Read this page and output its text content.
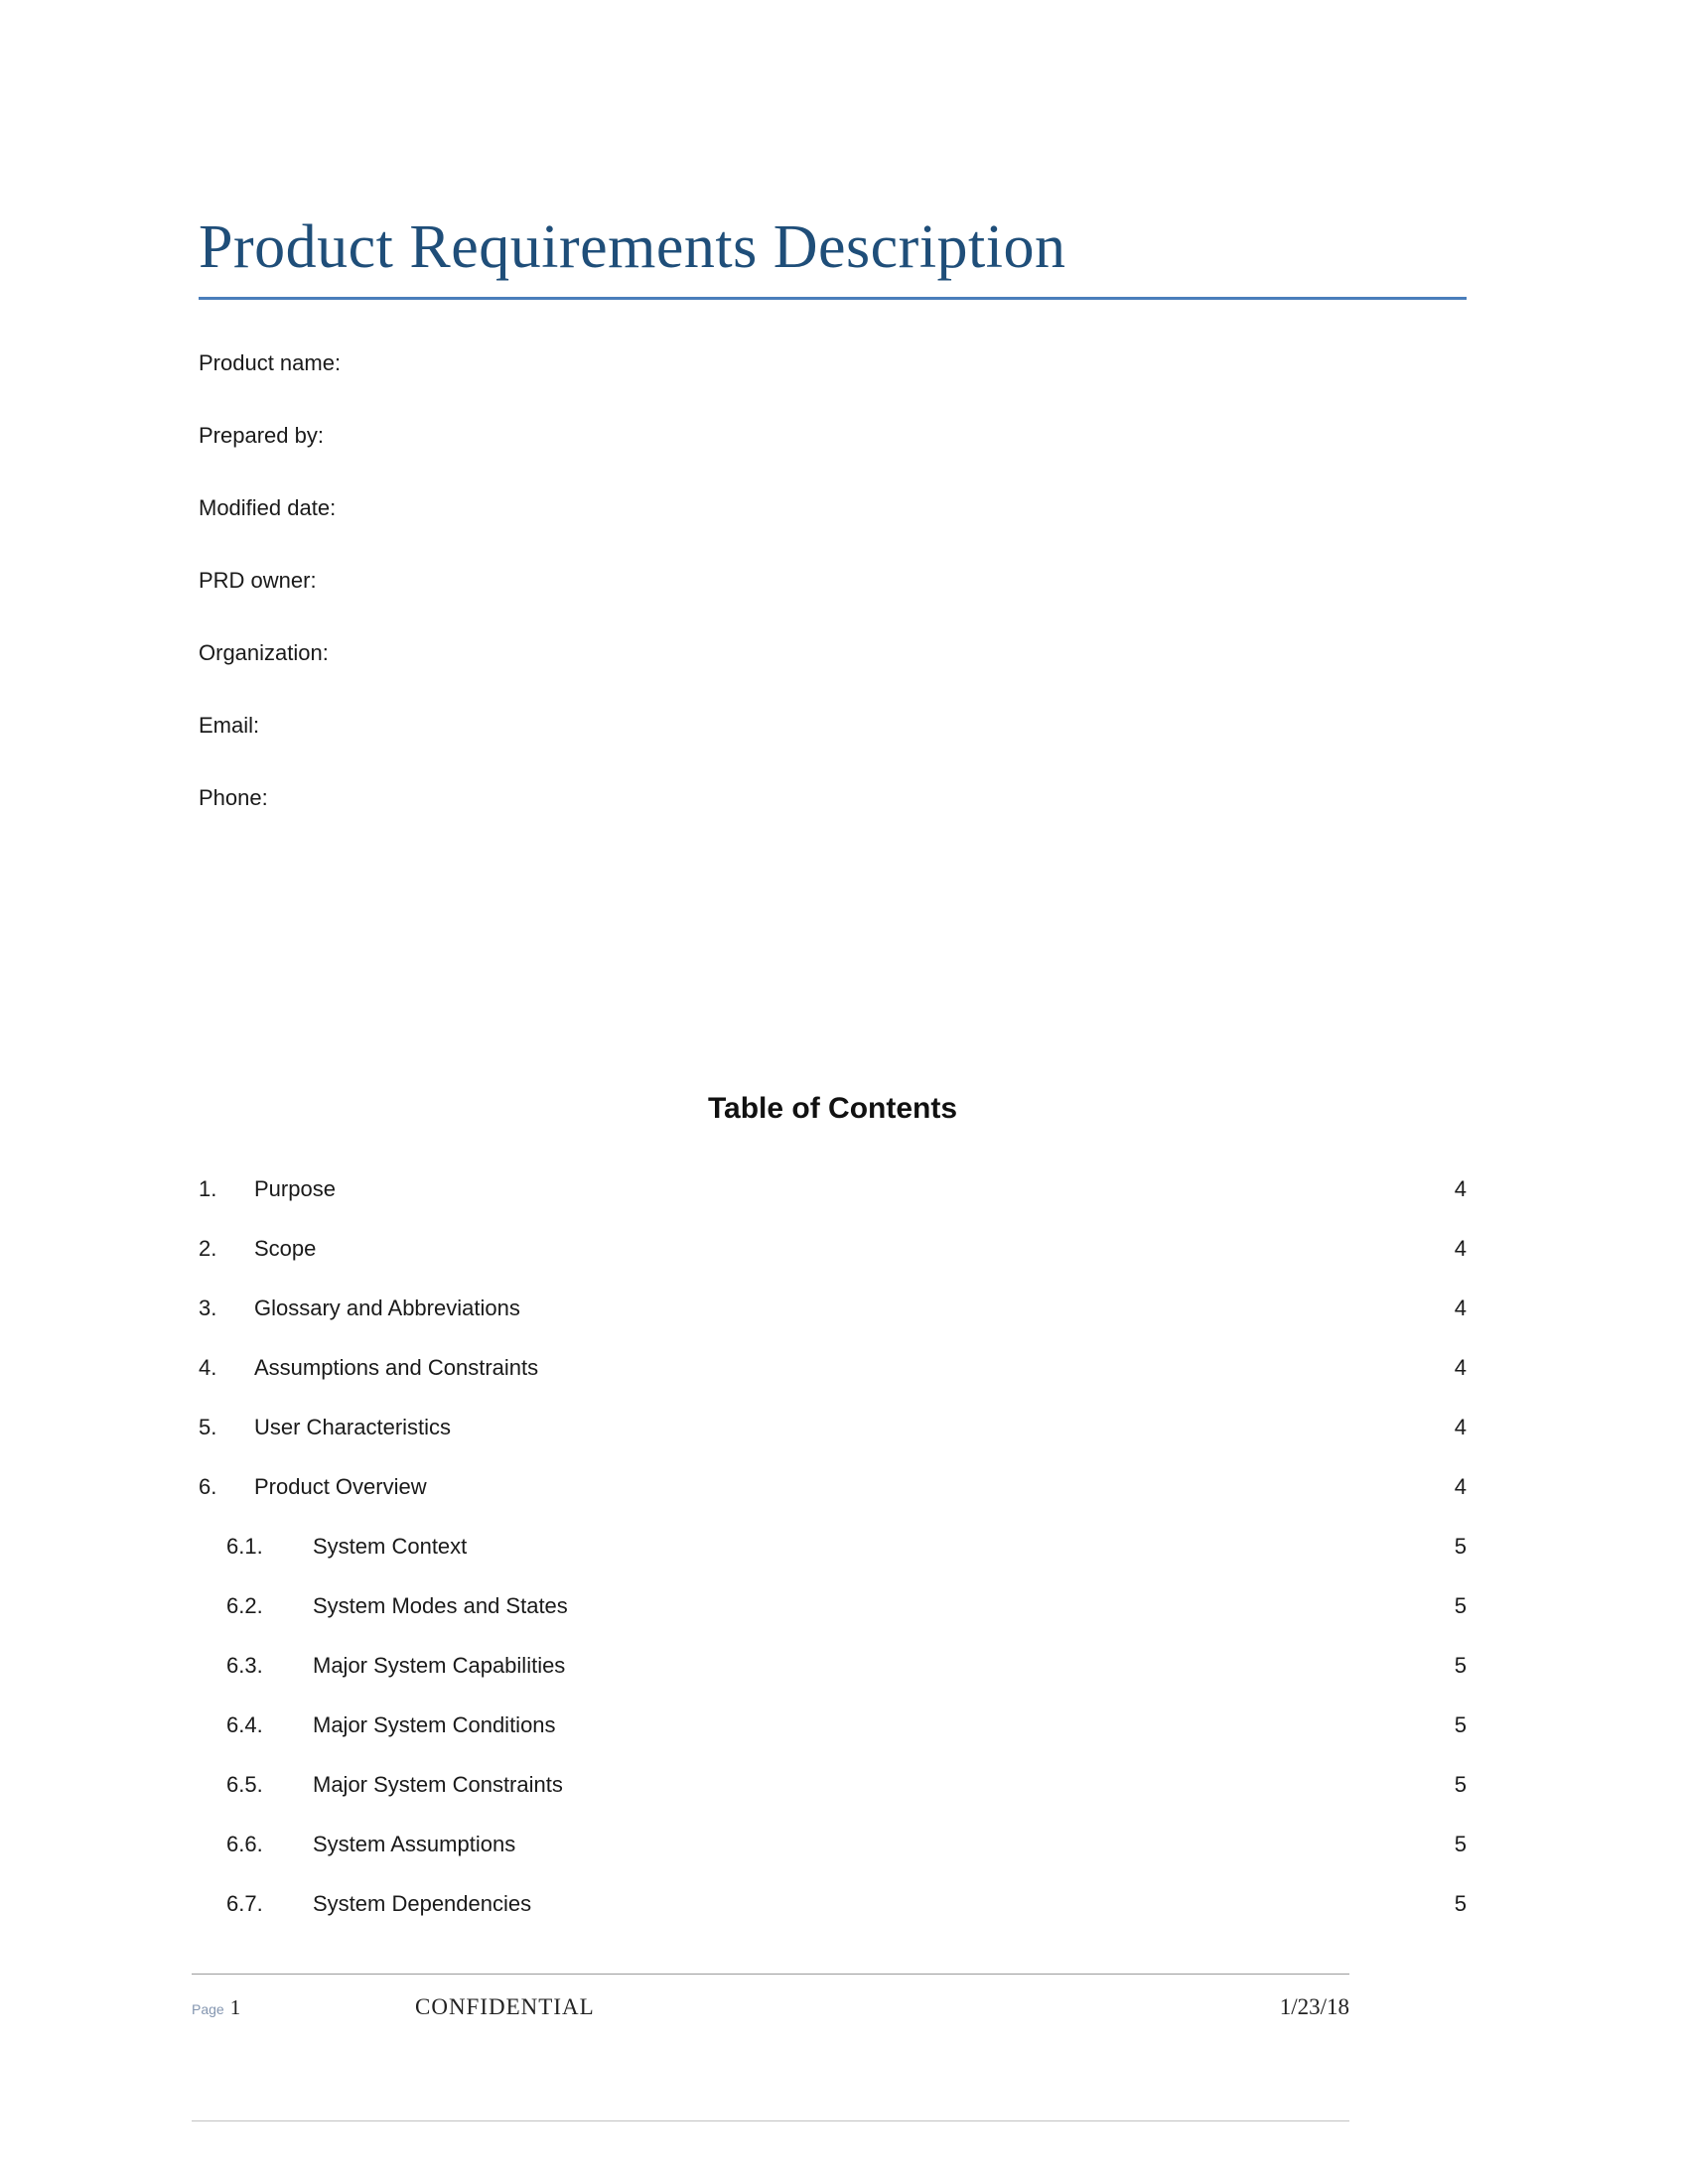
Product Requirements Description

Product name:

Prepared by:

Modified date:

PRD owner:

Organization:

Email:

Phone:

Table of Contents
1.	Purpose	4
2.	Scope	4
3.	Glossary and Abbreviations	4
4.	Assumptions and Constraints	4
5.	User Characteristics	4
6.	Product Overview	4
6.1.	System Context	5
6.2.	System Modes and States	5
6.3.	Major System Capabilities	5
6.4.	Major System Conditions	5
6.5.	Major System Constraints	5
6.6.	System Assumptions	5
6.7.	System Dependencies	5
Page 1	CONFIDENTIAL	1/23/18
